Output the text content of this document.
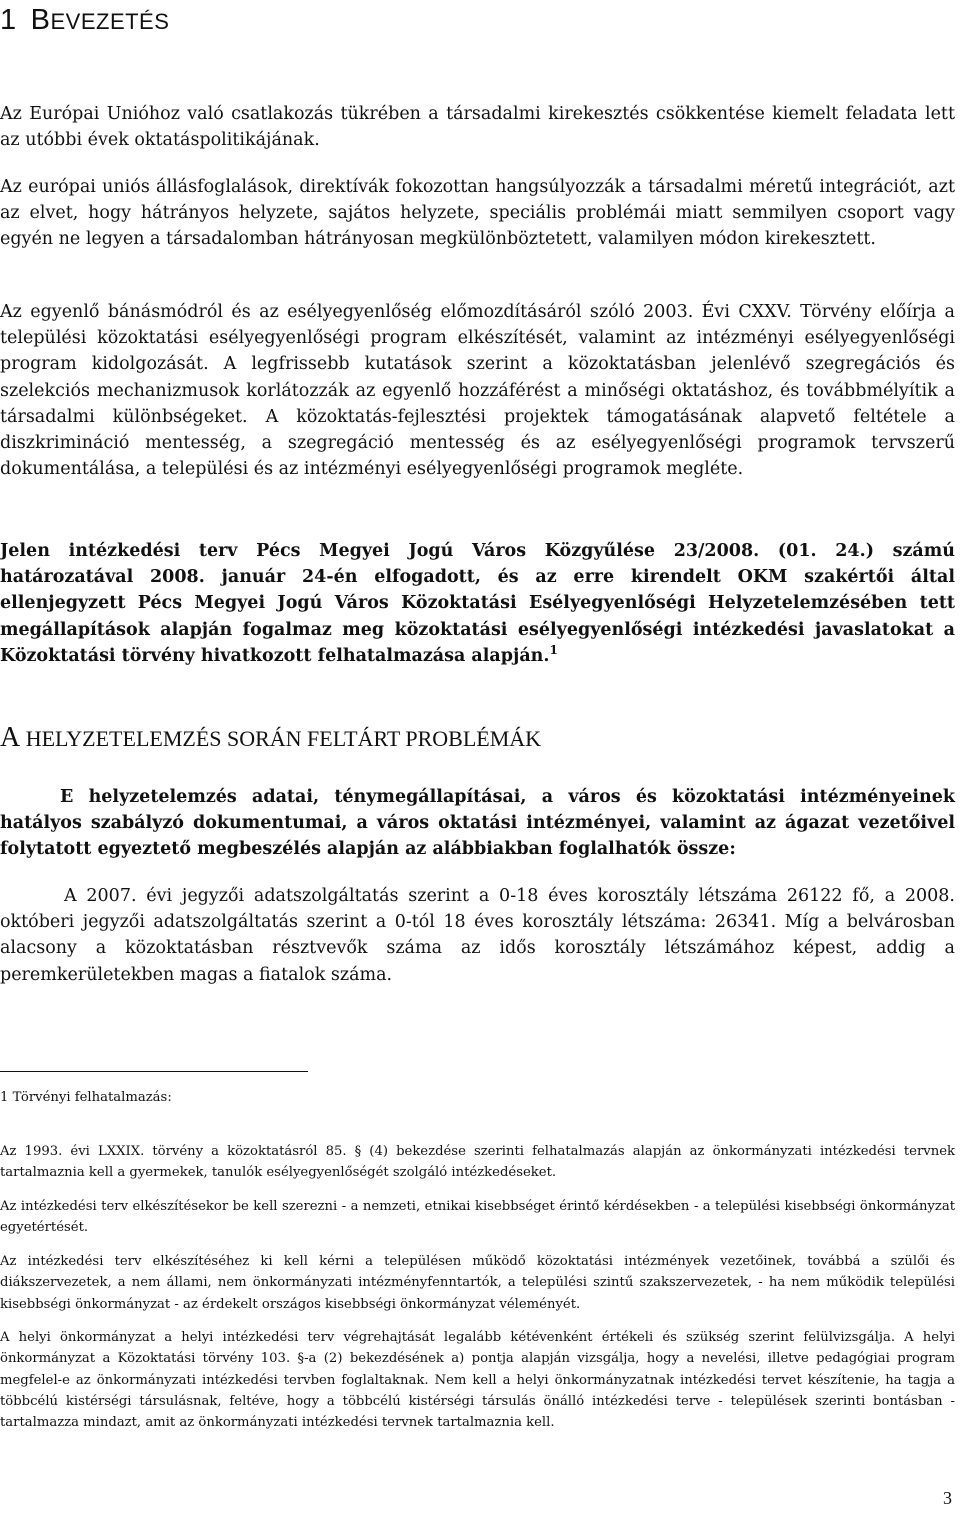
1 BEVEZETÉS

Az Európai Unióhoz való csatlakozás tükrében a társadalmi kirekesztés csökkentése kiemelt feladata lett az utóbbi évek oktatáspolitikájának.

Az európai uniós állásfoglalások, direktívák fokozottan hangsúlyozzák a társadalmi méretű integrációt, azt az elvet, hogy hátrányos helyzete, sajátos helyzete, speciális problémái miatt semmilyen csoport vagy egyén ne legyen a társadalomban hátrányosan megkülönböztetett, valamilyen módon kirekesztett.

Az egyenlő bánásmódról és az esélyegyenlőség előmozdításáról szóló 2003. Évi CXXV. Törvény előírja a települési közoktatási esélyegyenlőségi program elkészítését, valamint az intézményi esélyegyenlőségi program kidolgozását. A legfrissebb kutatások szerint a közoktatásban jelenlévő szegregációs és szelekciós mechanizmusok korlátozzák az egyenlő hozzáférést a minőségi oktatáshoz, és továbbmélyítik a társadalmi különbségeket. A közoktatás-fejlesztési projektek támogatásának alapvető feltétele a diszkrimináció mentesség, a szegregáció mentesség és az esélyegyenlőségi programok tervszerű dokumentálása, a települési és az intézményi esélyegyenlőségi programok megléte.

Jelen intézkedési terv Pécs Megyei Jogú Város Közgyűlése 23/2008. (01. 24.) számú határozatával 2008. január 24-én elfogadott, és az erre kirendelt OKM szakértői által ellenjegyzett Pécs Megyei Jogú Város Közoktatási Esélyegyenlőségi Helyzetelemzésében tett megállapítások alapján fogalmaz meg közoktatási esélyegyenlőségi intézkedési javaslatokat a Közoktatási törvény hivatkozott felhatalmazása alapján.$^1$

A HELYZETELEMZÉS SORÁN FELTÁRT PROBLÉMÁK

E helyzetelemzés adatai, ténymegállapításai, a város és közoktatási intézményeinek hatályos szabályzó dokumentumai, a város oktatási intézményei, valamint az ágazat vezetőivel folytatott egyeztető megbeszélés alapján az alábbiakban foglalhatók össze:

A 2007. évi jegyzői adatszolgáltatás szerint a 0-18 éves korosztály létszáma 26122 fő, a 2008. októberi jegyzői adatszolgáltatás szerint a 0-tól 18 éves korosztály létszáma: 26341. Míg a belvárosban alacsony a közoktatásban résztvevők száma az idős korosztály létszámához képest, addig a peremkerületekben magas a fiatalok száma.

1 Törvényi felhatalmazás:

Az 1993. évi LXXIX. törvény a közoktatásról 85. § (4) bekezdése szerinti felhatalmazás alapján az önkormányzati intézkedési tervnek tartalmaznia kell a gyermekek, tanulók esélyegyenlőségét szolgáló intézkedéseket.

Az intézkedési terv elkészítésekor be kell szerezni - a nemzeti, etnikai kisebbséget érintő kérdésekben - a települési kisebbségi önkormányzat egyetértését.

Az intézkedési terv elkészítéséhez ki kell kérni a településen működő közoktatási intézmények vezetőinek, továbbá a szülői és diákszervezetek, a nem állami, nem önkormányzati intézményfenntartók, a települési szintű szakszervezetek, - ha nem működik települési kisebbségi önkormányzat - az érdekelt országos kisebbségi önkormányzat véleményét.

A helyi önkormányzat a helyi intézkedési terv végrehajtását legalább kétévenként értékeli és szükség szerint felülvizsgálja. A helyi önkormányzat a Közoktatási törvény 103. §-a (2) bekezdésének a) pontja alapján vizsgálja, hogy a nevelési, illetve pedagógiai program megfelel-e az önkormányzati intézkedési tervben foglaltaknak. Nem kell a helyi önkormányzatnak intézkedési tervet készítenie, ha tagja a többcélú kistérségi társulásnak, feltéve, hogy a többcélú kistérségi társulás önálló intézkedési terve - települések szerinti bontásban - tartalmazza mindazt, amit az önkormányzati intézkedési tervnek tartalmaznia kell.

3
